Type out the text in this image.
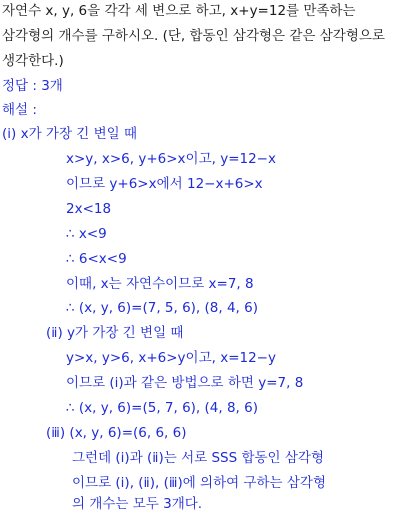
자연수 x, y, 6을 각각 세 변으로 하고, x+y=12를 만족하는
삼각형의 개수를 구하시오. (단, 합동인 삼각형은 같은 삼각형으로
생각한다.)
정답 : 3개
해설 :
(ⅰ) x가 가장 긴 변일 때
x>y, x>6, y+6>x이고, y=12−x
이므로 y+6>x에서 12−x+6>x
2x<18
∴ x<9
∴ 6<x<9
이때, x는 자연수이므로 x=7, 8
∴ (x, y, 6)=(7, 5, 6), (8, 4, 6)
(ⅱ) y가 가장 긴 변일 때
y>x, y>6, x+6>y이고, x=12−y
이므로 (ⅰ)과 같은 방법으로 하면 y=7, 8
∴ (x, y, 6)=(5, 7, 6), (4, 8, 6)
(ⅲ) (x, y, 6)=(6, 6, 6)
그런데 (ⅰ)과 (ⅱ)는 서로 SSS 합동인 삼각형
이므로 (ⅰ), (ⅱ), (ⅲ)에 의하여 구하는 삼각형
의 개수는 모두 3개다.
